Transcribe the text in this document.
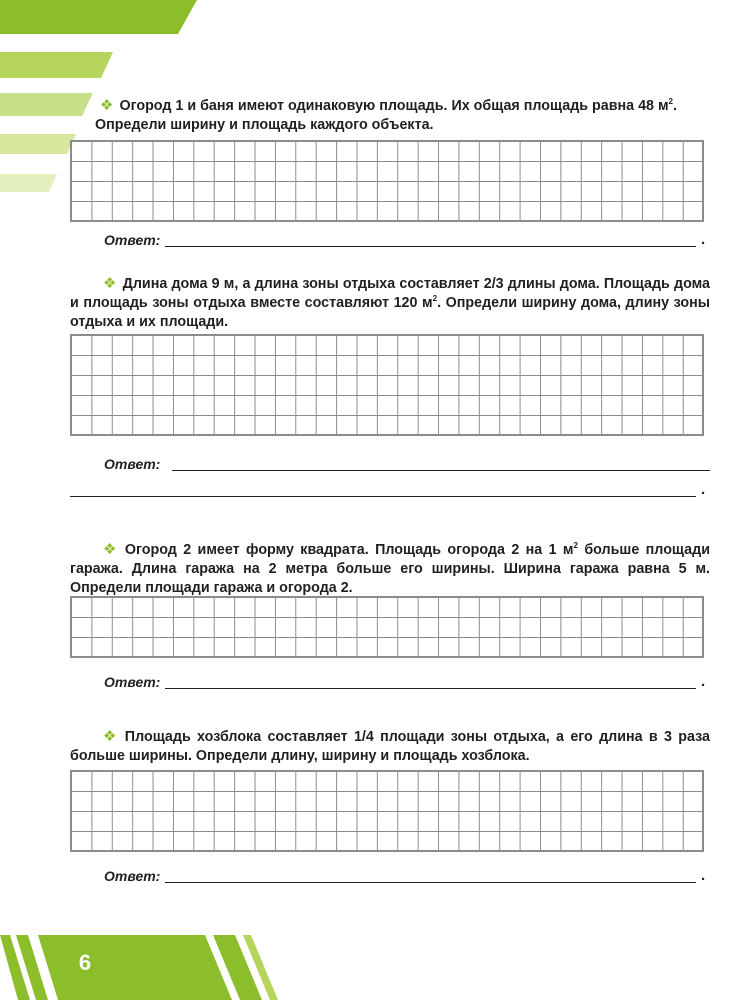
❖ Огород 1 и баня имеют одинаковую площадь. Их общая площадь равна 48 $м^2$.
Определи ширину и площадь каждого объекта.
Ответ:	.
❖ Длина дома 9 м, а длина зоны отдыха составляет 2/3 длины дома. Площадь дома и площадь зоны отдыха вместе составляют 120 $м^2$. Определи ширину дома, длину зоны отдыха и их площади.
Ответ:
.
❖ Огород 2 имеет форму квадрата. Площадь огорода 2 на 1 $м^2$ больше площади гаража. Длина гаража на 2 метра больше его ширины. Ширина гаража равна 5 м. Определи площади гаража и огорода 2.
Ответ:	.
❖ Площадь хозблока составляет 1/4 площади зоны отдыха, а его длина в 3 раза больше ширины. Определи длину, ширину и площадь хозблока.
Ответ:	.
6
